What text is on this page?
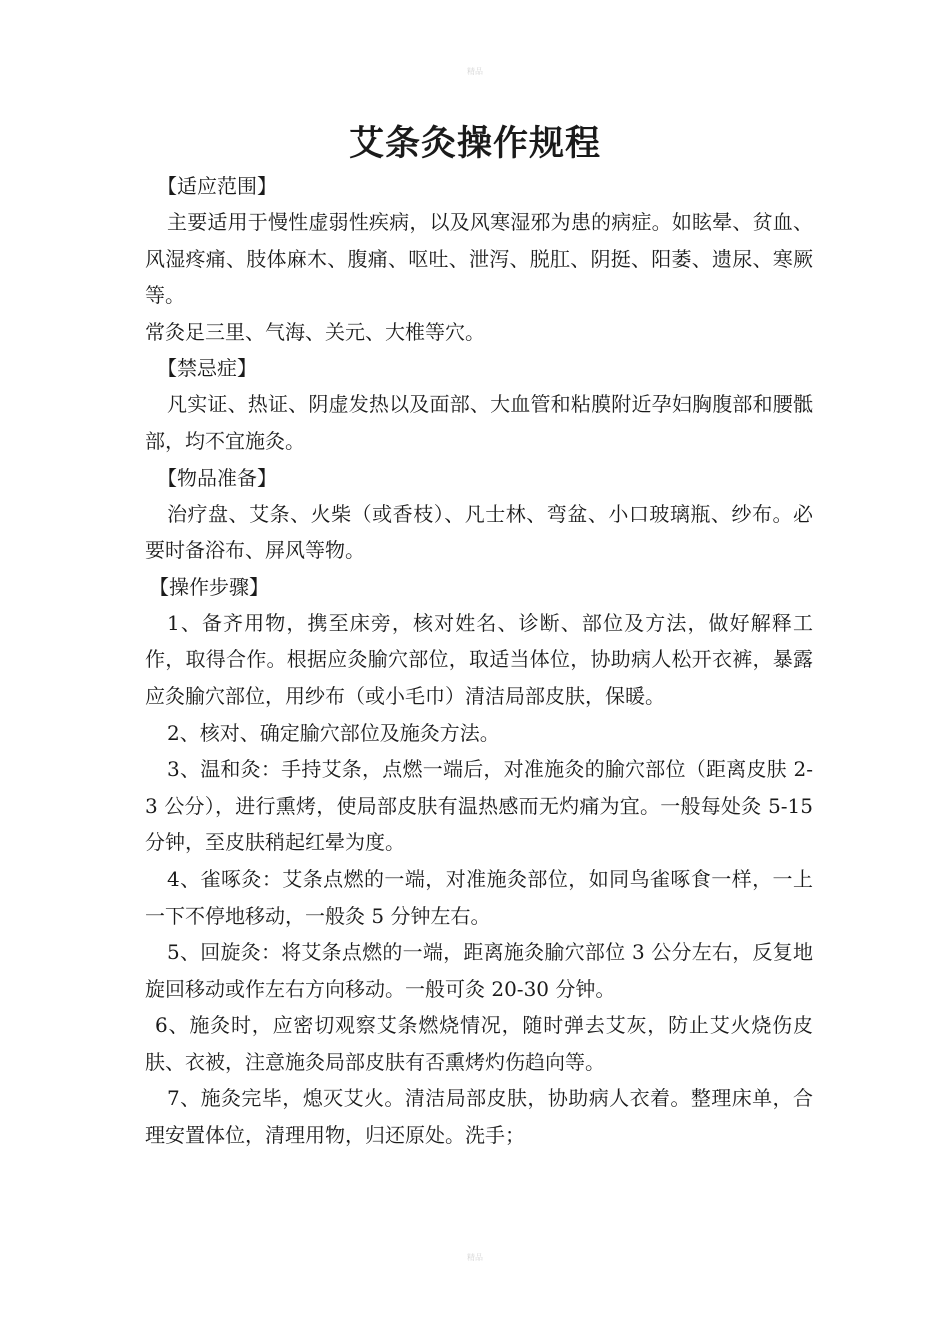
精品
艾条灸操作规程
【适应范围】

主要适用于慢性虚弱性疾病，以及风寒湿邪为患的病症。如眩晕、贫血、风湿疼痛、肢体麻木、腹痛、呕吐、泄泻、脱肛、阴挺、阳萎、遗尿、寒厥等。

常灸足三里、气海、关元、大椎等穴。

【禁忌症】

凡实证、热证、阴虚发热以及面部、大血管和粘膜附近孕妇胸腹部和腰骶部，均不宜施灸。

【物品准备】

治疗盘、艾条、火柴（或香枝）、凡士林、弯盆、小口玻璃瓶、纱布。必要时备浴布、屏风等物。

【操作步骤】

1、备齐用物，携至床旁，核对姓名、诊断、部位及方法，做好解释工作，取得合作。根据应灸腧穴部位，取适当体位，协助病人松开衣裤，暴露应灸腧穴部位，用纱布（或小毛巾）清洁局部皮肤，保暖。

2、核对、确定腧穴部位及施灸方法。

3、温和灸：手持艾条，点燃一端后，对准施灸的腧穴部位（距离皮肤 2-3 公分），进行熏烤，使局部皮肤有温热感而无灼痛为宜。一般每处灸 5-15 分钟，至皮肤稍起红晕为度。

4、雀啄灸：艾条点燃的一端，对准施灸部位，如同鸟雀啄食一样，一上一下不停地移动，一般灸 5 分钟左右。

5、回旋灸：将艾条点燃的一端，距离施灸腧穴部位 3 公分左右，反复地旋回移动或作左右方向移动。一般可灸 20-30 分钟。

6、施灸时，应密切观察艾条燃烧情况，随时弹去艾灰，防止艾火烧伤皮肤、衣被，注意施灸局部皮肤有否熏烤灼伤趋向等。

7、施灸完毕，熄灭艾火。清洁局部皮肤，协助病人衣着。整理床单，合理安置体位，清理用物，归还原处。洗手；

精品
